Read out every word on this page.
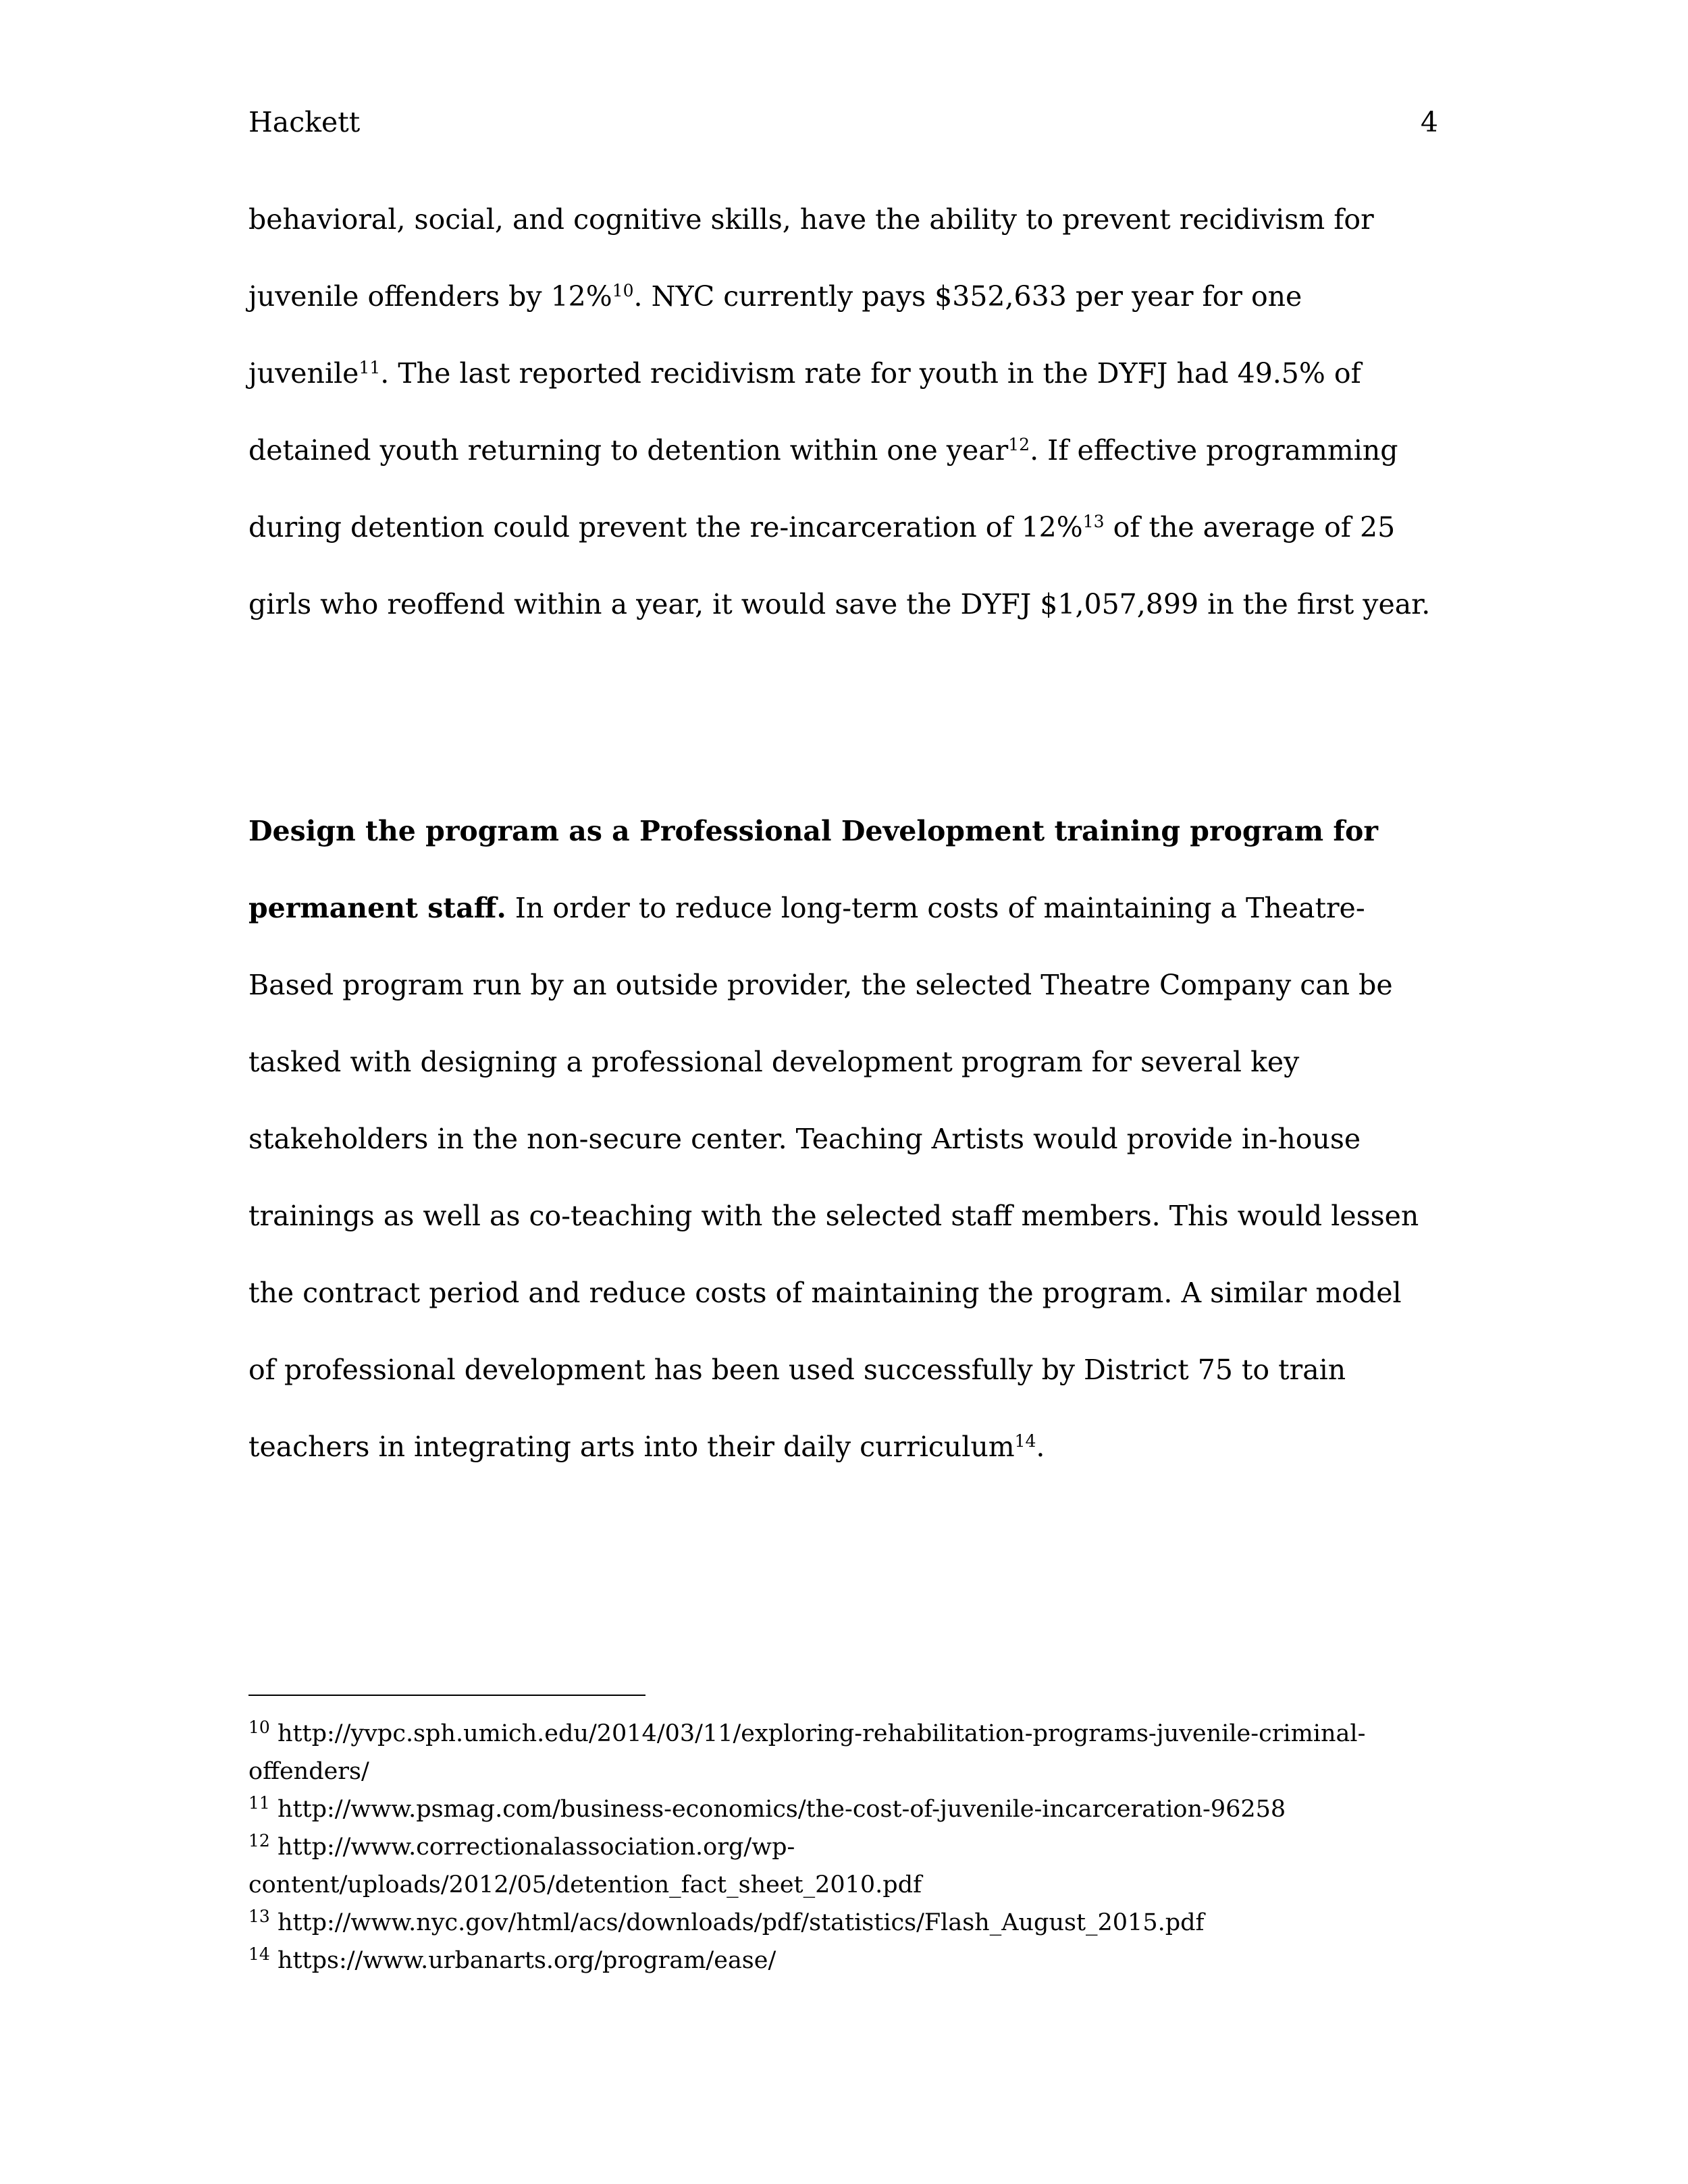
Hackett	4
behavioral, social, and cognitive skills, have the ability to prevent recidivism for
juvenile offenders by 12%$^{10}$. NYC currently pays $352,633 per year for one
juvenile$^{11}$. The last reported recidivism rate for youth in the DYFJ had 49.5% of
detained youth returning to detention within one year$^{12}$. If effective programming
during detention could prevent the re-incarceration of 12%$^{13}$ of the average of 25
girls who reoffend within a year, it would save the DYFJ $1,057,899 in the first year.
Design the program as a Professional Development training program for
permanent staff. In order to reduce long-term costs of maintaining a Theatre-
Based program run by an outside provider, the selected Theatre Company can be
tasked with designing a professional development program for several key
stakeholders in the non-secure center. Teaching Artists would provide in-house
trainings as well as co-teaching with the selected staff members. This would lessen
the contract period and reduce costs of maintaining the program. A similar model
of professional development has been used successfully by District 75 to train
teachers in integrating arts into their daily curriculum$^{14}$.
$^{10}$ http://yvpc.sph.umich.edu/2014/03/11/exploring-rehabilitation-programs-juvenile-criminal-offenders/
$^{11}$ http://www.psmag.com/business-economics/the-cost-of-juvenile-incarceration-96258
$^{12}$ http://www.correctionalassociation.org/wp-content/uploads/2012/05/detention_fact_sheet_2010.pdf
$^{13}$ http://www.nyc.gov/html/acs/downloads/pdf/statistics/Flash_August_2015.pdf
$^{14}$ https://www.urbanarts.org/program/ease/
